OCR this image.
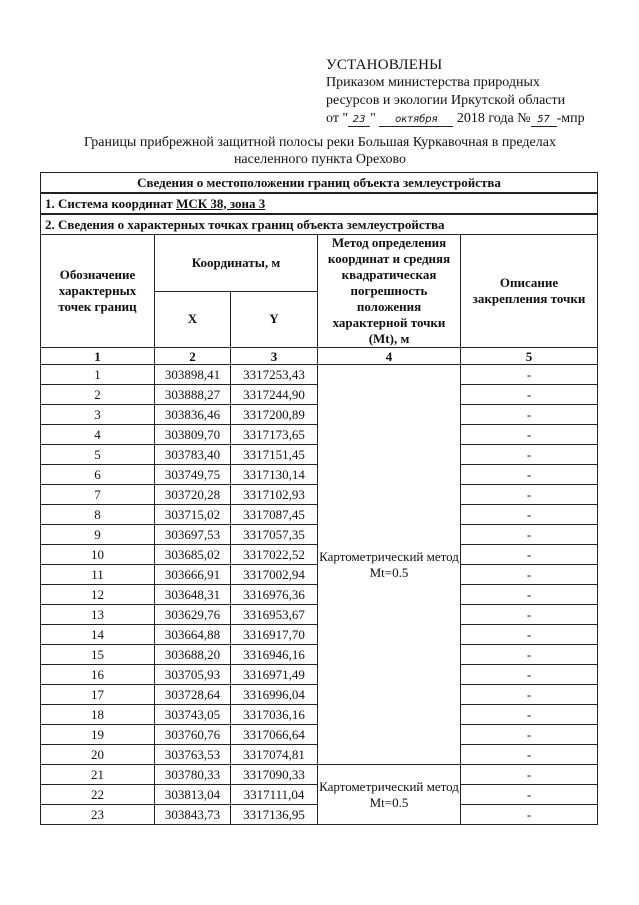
УСТАНОВЛЕНЫ
Приказом министерства природных
ресурсов и экологии Иркутской области
от " 23 " октября 2018 года № 57 -мпр
Границы прибрежной защитной полосы реки Большая Куркавочная в пределах
населенного пункта Орехово
Сведения о местоположении границ объекта землеустройства				
1. Система координат МСК 38, зона 3				
2. Сведения о характерных точках границ объекта землеустройства				
Обозначение характерных точек границ	Координаты, м		Метод определения координат и средняя квадратическая погрешность положения характерной точки (Mt), м	Описание закрепления точки
	X	Y		
1	2	3	4	5
1	303898,41	3317253,43	Картометрический метод Mt=0.5	-
2	303888,27	3317244,90		-
3	303836,46	3317200,89		-
4	303809,70	3317173,65		-
5	303783,40	3317151,45		-
6	303749,75	3317130,14		-
7	303720,28	3317102,93		-
8	303715,02	3317087,45		-
9	303697,53	3317057,35		-
10	303685,02	3317022,52		-
11	303666,91	3317002,94		-
12	303648,31	3316976,36		-
13	303629,76	3316953,67		-
14	303664,88	3316917,70		-
15	303688,20	3316946,16		-
16	303705,93	3316971,49		-
17	303728,64	3316996,04		-
18	303743,05	3317036,16		-
19	303760,76	3317066,64		-
20	303763,53	3317074,81		-
21	303780,33	3317090,33	Картометрический метод Mt=0.5	-
22	303813,04	3317111,04		-
23	303843,73	3317136,95		-
